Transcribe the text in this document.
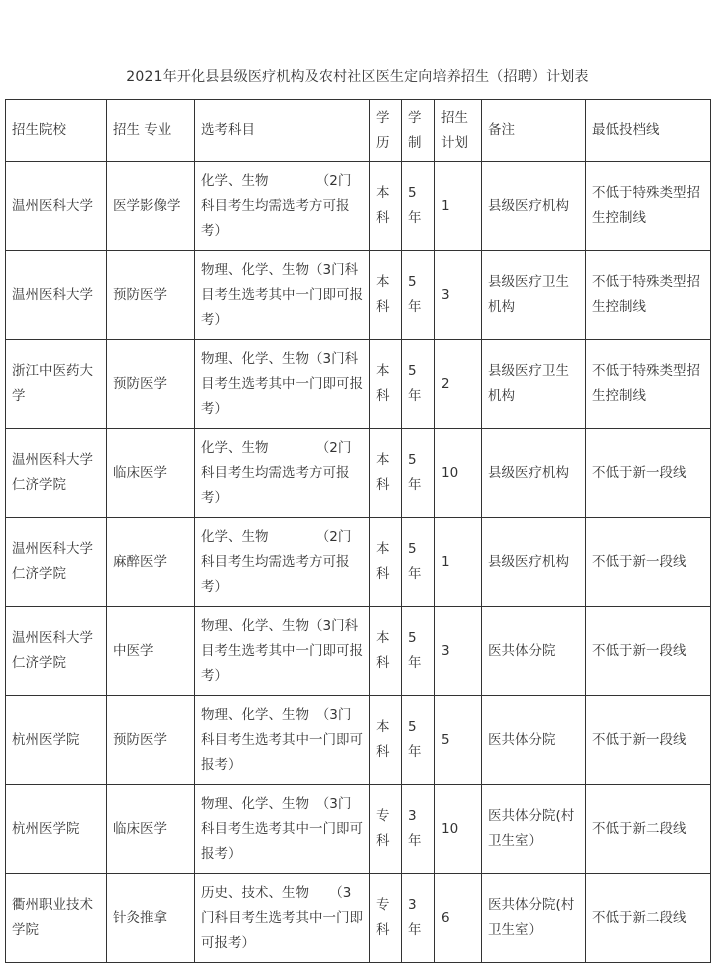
2021年开化县县级医疗机构及农村社区医生定向培养招生（招聘）计划表
招生院校	招生 专业	选考科目	学历	学制	招生计划	备注	最低投档线
温州医科大学	医学影像学	化学、生物　　　　（2门科目考生均需选考方可报考）	本科	5年	1	县级医疗机构	不低于特殊类型招生控制线
温州医科大学	预防医学	物理、化学、生物（3门科目考生选考其中一门即可报考）	本科	5年	3	县级医疗卫生机构	不低于特殊类型招生控制线
浙江中医药大学	预防医学	物理、化学、生物（3门科目考生选考其中一门即可报考）	本科	5年	2	县级医疗卫生机构	不低于特殊类型招生控制线
温州医科大学仁济学院	临床医学	化学、生物　　　　（2门科目考生均需选考方可报考）	本科	5年	10	县级医疗机构	不低于新一段线
温州医科大学仁济学院	麻醉医学	化学、生物　　　　（2门科目考生均需选考方可报考）	本科	5年	1	县级医疗机构	不低于新一段线
温州医科大学仁济学院	中医学	物理、化学、生物（3门科目考生选考其中一门即可报考）	本科	5年	3	医共体分院	不低于新一段线
杭州医学院	预防医学	物理、化学、生物　（3门科目考生选考其中一门即可报考）	本科	5年	5	医共体分院	不低于新一段线
杭州医学院	临床医学	物理、化学、生物　（3门科目考生选考其中一门即可报考）	专科	3年	10	医共体分院(村卫生室）	不低于新二段线
衢州职业技术学院	针灸推拿	历史、技术、生物　　（3门科目考生选考其中一门即可报考）	专科	3年	6	医共体分院(村卫生室）	不低于新二段线
